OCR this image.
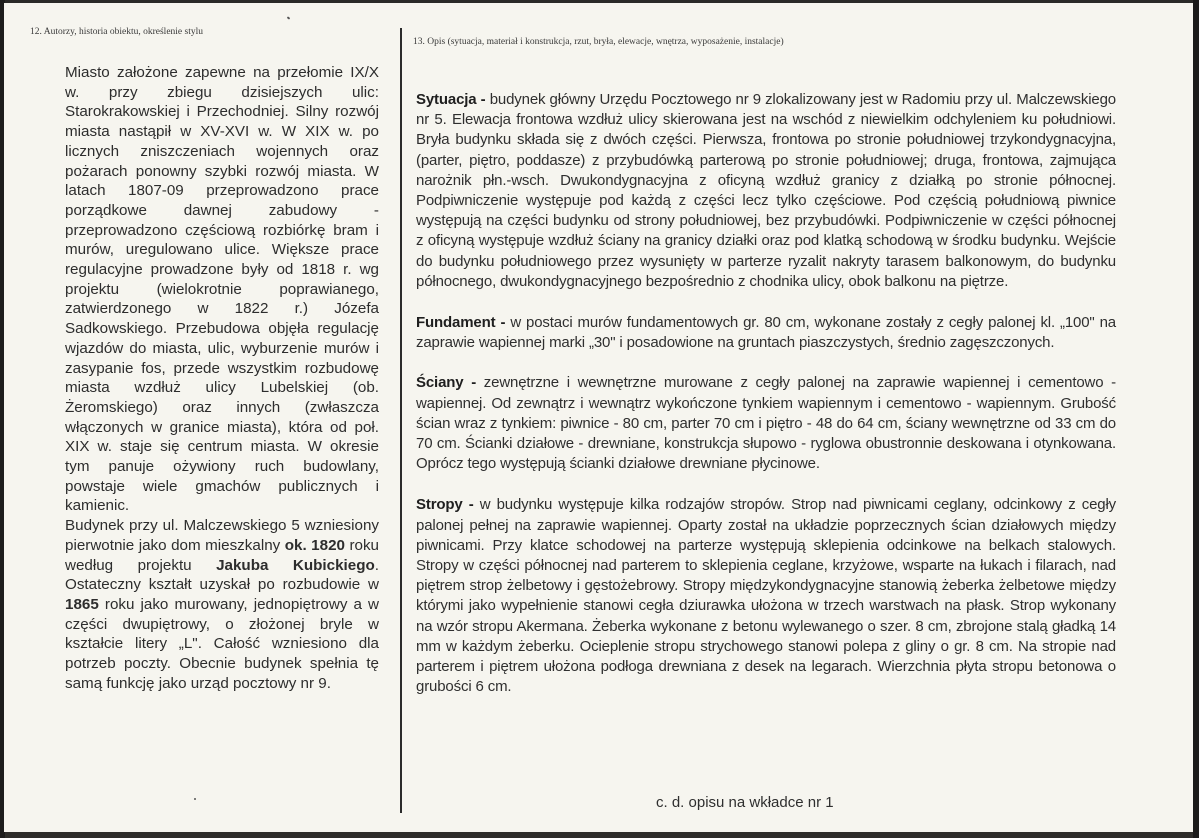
12. Autorzy, historia obiektu, określenie stylu
13. Opis (sytuacja, materiał i konstrukcja, rzut, bryła, elewacje, wnętrza, wyposażenie, instalacje)

Miasto założone zapewne na przełomie IX/X w. przy zbiegu dzisiejszych ulic: Starokrakowskiej i Przechodniej. Silny rozwój miasta nastąpił w XV-XVI w. W XIX w. po licznych zniszczeniach wojennych oraz pożarach ponowny szybki rozwój miasta. W latach 1807-09 przeprowadzono prace porządkowe dawnej zabudowy - przeprowadzono częściową rozbiórkę bram i murów, uregulowano ulice. Większe prace regulacyjne prowadzone były od 1818 r. wg projektu (wielokrotnie poprawianego, zatwierdzonego w 1822 r.) Józefa Sadkowskiego. Przebudowa objęła regulację wjazdów do miasta, ulic, wyburzenie murów i zasypanie fos, przede wszystkim rozbudowę miasta wzdłuż ulicy Lubelskiej (ob. Żeromskiego) oraz innych (zwłaszcza włączonych w granice miasta), która od poł. XIX w. staje się centrum miasta. W okresie tym panuje ożywiony ruch budowlany, powstaje wiele gmachów publicznych i kamienic.

Budynek przy ul. Malczewskiego 5 wzniesiony pierwotnie jako dom mieszkalny ok. 1820 roku według projektu Jakuba Kubickiego. Ostateczny kształt uzyskał po rozbudowie w 1865 roku jako murowany, jednopiętrowy a w części dwupiętrowy, o złożonej bryle w kształcie litery „L". Całość wzniesiono dla potrzeb poczty. Obecnie budynek spełnia tę samą funkcję jako urząd pocztowy nr 9.

Sytuacja - budynek główny Urzędu Pocztowego nr 9 zlokalizowany jest w Radomiu przy ul. Malczewskiego nr 5. Elewacja frontowa wzdłuż ulicy skierowana jest na wschód z niewielkim odchyleniem ku południowi. Bryła budynku składa się z dwóch części. Pierwsza, frontowa po stronie południowej trzykondygnacyjna, (parter, piętro, poddasze) z przybudówką parterową po stronie południowej; druga, frontowa, zajmująca narożnik płn.-wsch. Dwukondygnacyjna z oficyną wzdłuż granicy z działką po stronie północnej. Podpiwniczenie występuje pod każdą z części lecz tylko częściowe. Pod częścią południową piwnice występują na części budynku od strony południowej, bez przybudówki. Podpiwniczenie w części północnej z oficyną występuje wzdłuż ściany na granicy działki oraz pod klatką schodową w środku budynku. Wejście do budynku południowego przez wysunięty w parterze ryzalit nakryty tarasem balkonowym, do budynku północnego, dwukondygnacyjnego bezpośrednio z chodnika ulicy, obok balkonu na piętrze.

Fundament - w postaci murów fundamentowych gr. 80 cm, wykonane zostały z cegły palonej kl. „100" na zaprawie wapiennej marki „30" i posadowione na gruntach piaszczystych, średnio zagęszczonych.

Ściany - zewnętrzne i wewnętrzne murowane z cegły palonej na zaprawie wapiennej i cementowo - wapiennej. Od zewnątrz i wewnątrz wykończone tynkiem wapiennym i cementowo - wapiennym. Grubość ścian wraz z tynkiem: piwnice - 80 cm, parter 70 cm i piętro - 48 do 64 cm, ściany wewnętrzne od 33 cm do 70 cm. Ścianki działowe - drewniane, konstrukcja słupowo - ryglowa obustronnie deskowana i otynkowana. Oprócz tego występują ścianki działowe drewniane płycinowe.

Stropy - w budynku występuje kilka rodzajów stropów. Strop nad piwnicami ceglany, odcinkowy z cegły palonej pełnej na zaprawie wapiennej. Oparty został na układzie poprzecznych ścian działowych między piwnicami. Przy klatce schodowej na parterze występują sklepienia odcinkowe na belkach stalowych. Stropy w części północnej nad parterem to sklepienia ceglane, krzyżowe, wsparte na łukach i filarach, nad piętrem strop żelbetowy i gęstożebrowy. Stropy międzykondygnacyjne stanowią żeberka żelbetowe między którymi jako wypełnienie stanowi cegła dziurawka ułożona w trzech warstwach na płask. Strop wykonany na wzór stropu Akermana. Żeberka wykonane z betonu wylewanego o szer. 8 cm, zbrojone stalą gładką 14 mm w każdym żeberku. Ocieplenie stropu strychowego stanowi polepa z gliny o gr. 8 cm. Na stropie nad parterem i piętrem ułożona podłoga drewniana z desek na legarach. Wierzchnia płyta stropu betonowa o grubości 6 cm.

c. d. opisu na wkładce nr 1
